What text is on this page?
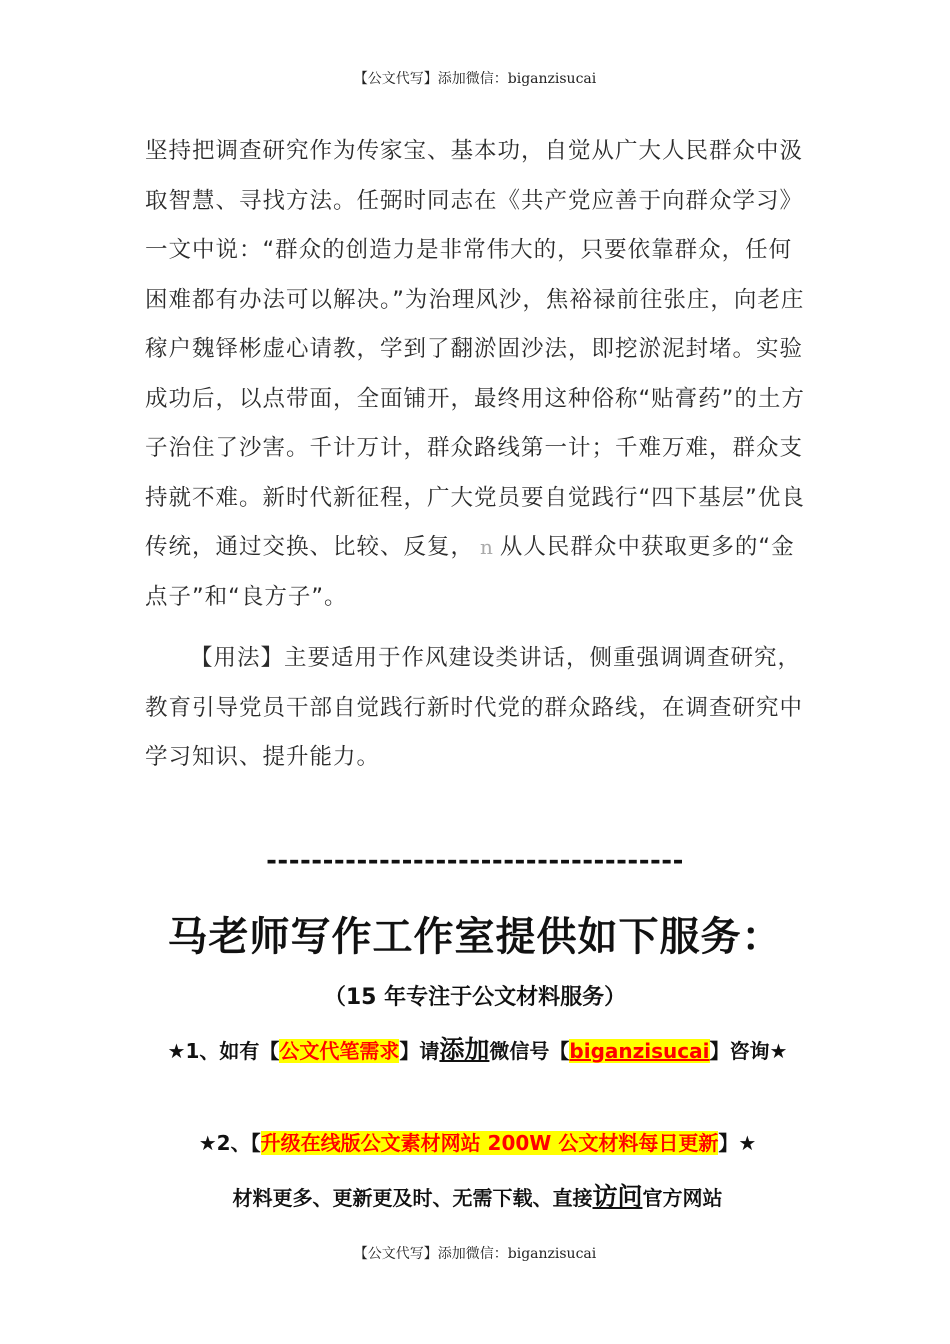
【公文代写】添加微信：biganzisucai

坚持把调查研究作为传家宝、基本功，自觉从广大人民群众中汲取智慧、寻找方法。任弼时同志在《共产党应善于向群众学习》一文中说：“群众的创造力是非常伟大的，只要依靠群众，任何困难都有办法可以解决。”为治理风沙，焦裕禄前往张庄，向老庄稼户魏铎彬虚心请教，学到了翻淤固沙法，即挖淤泥封堵。实验成功后，以点带面，全面铺开，最终用这种俗称“贴膏药”的土方子治住了沙害。千计万计，群众路线第一计；千难万难，群众支持就不难。新时代新征程，广大党员要自觉践行“四下基层”优良传统，通过交换、比较、反复， n 从人民群众中获取更多的“金点子”和“良方子”。

【用法】主要适用于作风建设类讲话，侧重强调调查研究，教育引导党员干部自觉践行新时代党的群众路线，在调查研究中学习知识、提升能力。

-------------------------------------
马老师写作工作室提供如下服务：
（15 年专注于公文材料服务）
★1、如有【公文代笔需求】请添加微信号【biganzisucai】咨询★
★2、【升级在线版公文素材网站 200W 公文材料每日更新】★
材料更多、更新更及时、无需下载、直接访问官方网站
【公文代写】添加微信：biganzisucai
